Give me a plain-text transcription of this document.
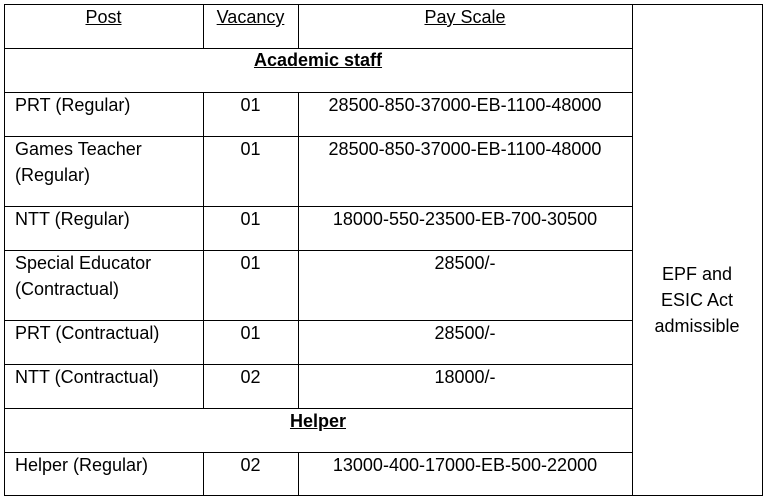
Post	Vacancy	Pay Scale
Academic staff
PRT (Regular)	01	28500-850-37000-EB-1100-48000
Games Teacher
(Regular)
01	28500-850-37000-EB-1100-48000
NTT (Regular)	01	18000-550-23500-EB-700-30500
Special Educator
(Contractual)
01	28500/-
PRT (Contractual)	01	28500/-
NTT (Contractual)	02	18000/-
Helper
Helper (Regular)	02	13000-400-17000-EB-500-22000
EPF and
ESIC Act
admissible
